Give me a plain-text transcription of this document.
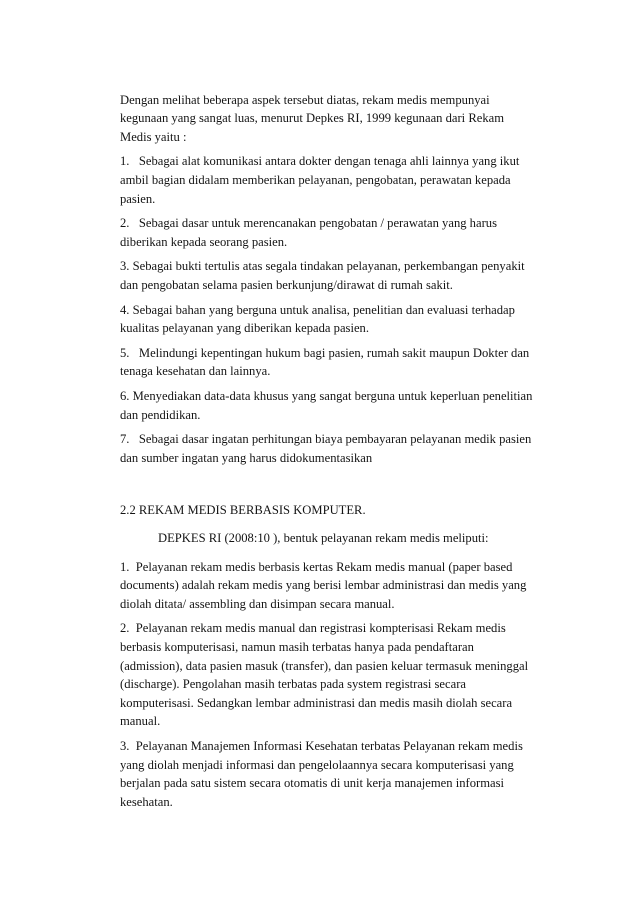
Dengan melihat beberapa aspek tersebut diatas, rekam medis mempunyai
kegunaan yang sangat luas, menurut Depkes RI, 1999 kegunaan dari Rekam
Medis yaitu :
1.   Sebagai alat komunikasi antara dokter dengan tenaga ahli lainnya yang ikut
ambil bagian didalam memberikan pelayanan, pengobatan, perawatan kepada
pasien.
2.   Sebagai dasar untuk merencanakan pengobatan / perawatan yang harus
diberikan kepada seorang pasien.
3. Sebagai bukti tertulis atas segala tindakan pelayanan, perkembangan penyakit
dan pengobatan selama pasien berkunjung/dirawat di rumah sakit.
4. Sebagai bahan yang berguna untuk analisa, penelitian dan evaluasi terhadap
kualitas pelayanan yang diberikan kepada pasien.
5.   Melindungi kepentingan hukum bagi pasien, rumah sakit maupun Dokter dan
tenaga kesehatan dan lainnya.
6. Menyediakan data-data khusus yang sangat berguna untuk keperluan penelitian
dan pendidikan.
7.   Sebagai dasar ingatan perhitungan biaya pembayaran pelayanan medik pasien
dan sumber ingatan yang harus didokumentasikan
2.2 REKAM MEDIS BERBASIS KOMPUTER.
DEPKES RI (2008:10 ), bentuk pelayanan rekam medis meliputi:
1.  Pelayanan rekam medis berbasis kertas Rekam medis manual (paper based
documents) adalah rekam medis yang berisi lembar administrasi dan medis yang
diolah ditata/ assembling dan disimpan secara manual.
2.  Pelayanan rekam medis manual dan registrasi kompterisasi Rekam medis
berbasis komputerisasi, namun masih terbatas hanya pada pendaftaran
(admission), data pasien masuk (transfer), dan pasien keluar termasuk meninggal
(discharge). Pengolahan masih terbatas pada system registrasi secara
komputerisasi. Sedangkan lembar administrasi dan medis masih diolah secara
manual.
3.  Pelayanan Manajemen Informasi Kesehatan terbatas Pelayanan rekam medis
yang diolah menjadi informasi dan pengelolaannya secara komputerisasi yang
berjalan pada satu sistem secara otomatis di unit kerja manajemen informasi
kesehatan.
